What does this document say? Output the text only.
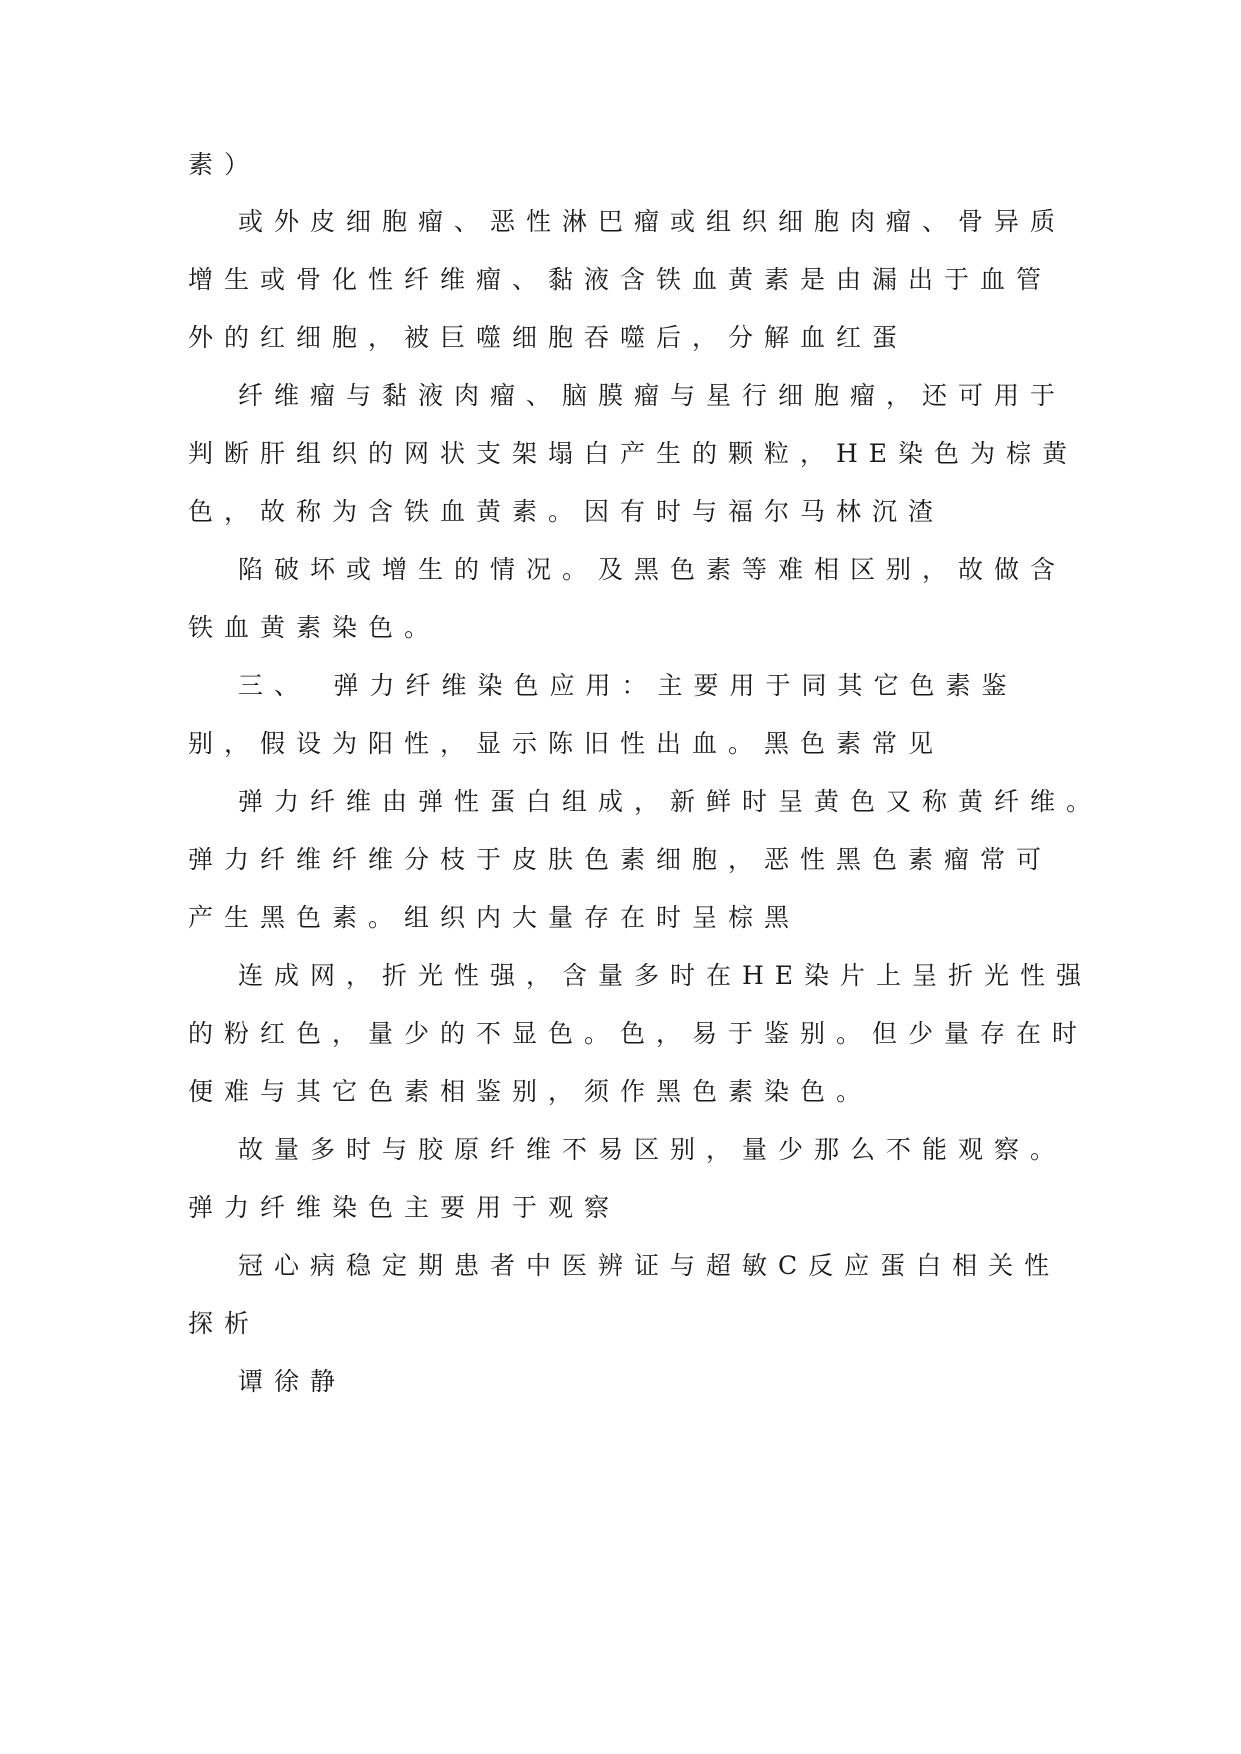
素）
或外皮细胞瘤、恶性淋巴瘤或组织细胞肉瘤、骨异质
增生或骨化性纤维瘤、黏液含铁血黄素是由漏出于血管
外的红细胞，被巨噬细胞吞噬后，分解血红蛋
纤维瘤与黏液肉瘤、脑膜瘤与星行细胞瘤，还可用于
判断肝组织的网状支架塌白产生的颗粒，HE染色为棕黄
色，故称为含铁血黄素。因有时与福尔马林沉渣
陷破坏或增生的情况。及黑色素等难相区别，故做含
铁血黄素染色。
三、　弹力纤维染色应用：主要用于同其它色素鉴
别，假设为阳性，显示陈旧性出血。黑色素常见
弹力纤维由弹性蛋白组成，新鲜时呈黄色又称黄纤维。
弹力纤维纤维分枝于皮肤色素细胞，恶性黑色素瘤常可
产生黑色素。组织内大量存在时呈棕黑
连成网，折光性强，含量多时在HE染片上呈折光性强
的粉红色，量少的不显色。色，易于鉴别。但少量存在时
便难与其它色素相鉴别，须作黑色素染色。
故量多时与胶原纤维不易区别，量少那么不能观察。
弹力纤维染色主要用于观察
冠心病稳定期患者中医辨证与超敏C反应蛋白相关性
探析
谭徐静
